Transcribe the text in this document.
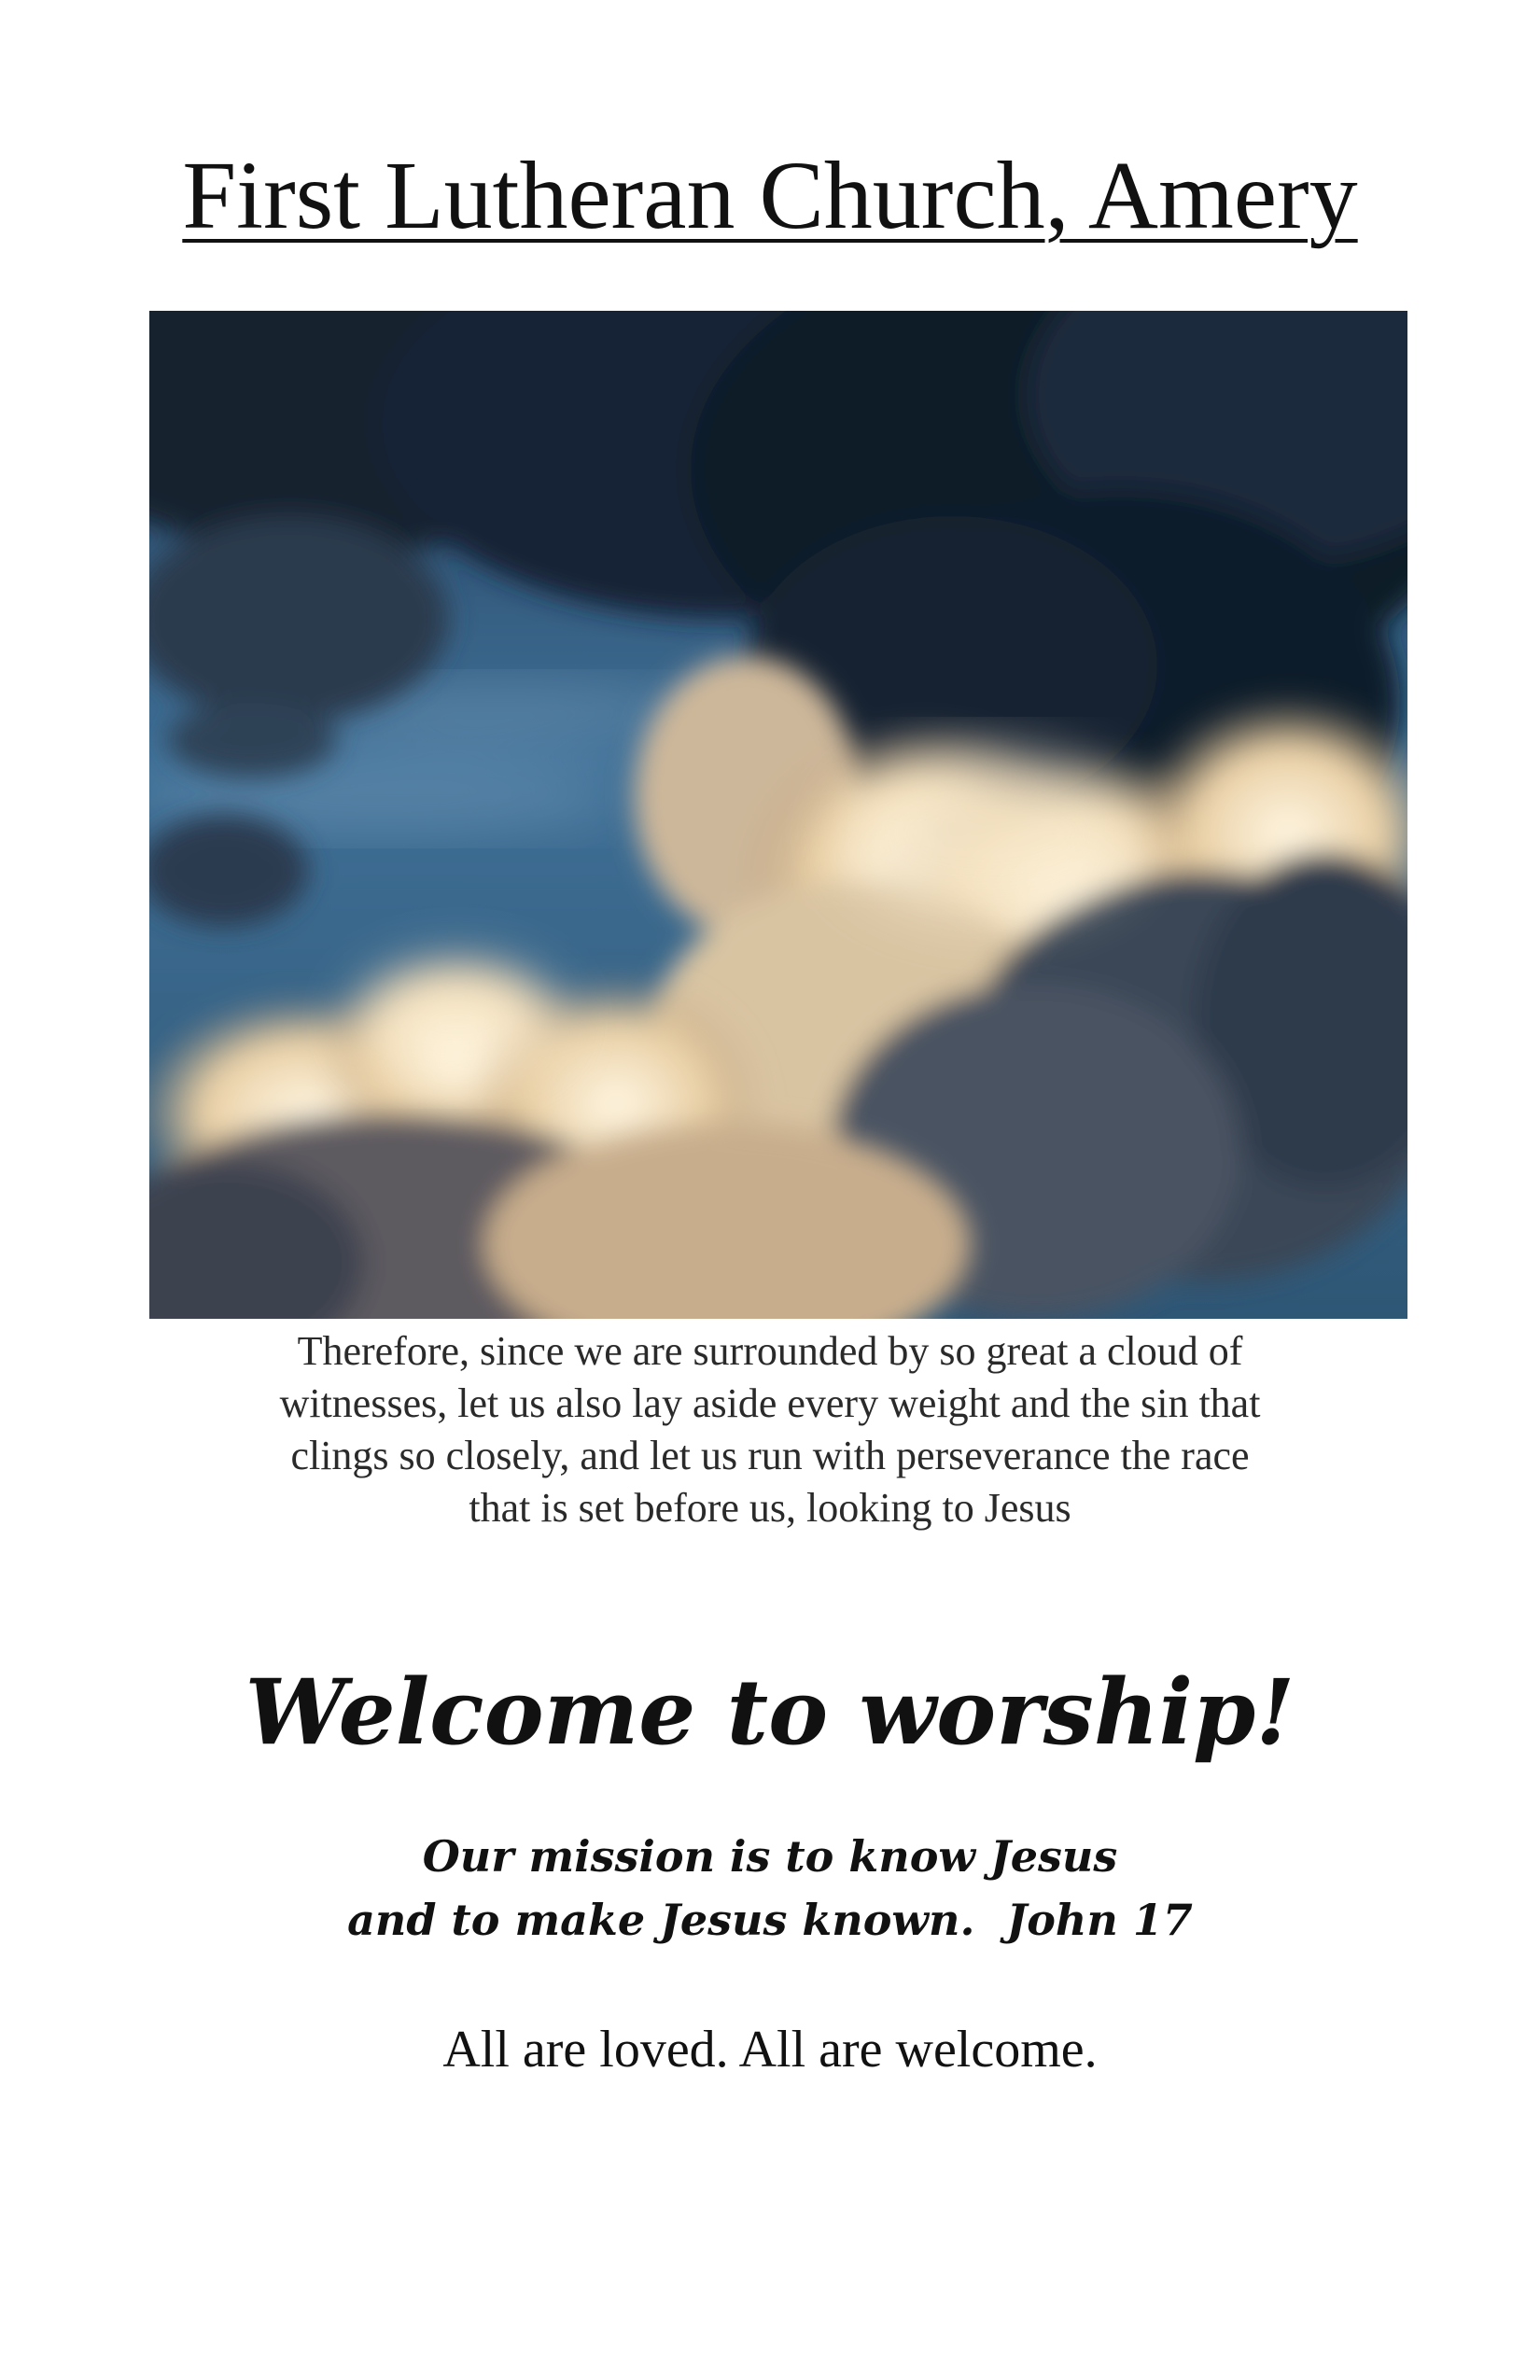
First Lutheran Church, Amery
Therefore, since we are surrounded by so great a cloud of
witnesses, let us also lay aside every weight and the sin that
clings so closely, and let us run with perseverance the race
that is set before us, looking to Jesus
Welcome to worship!
Our mission is to know Jesus
and to make Jesus known. John 17
All are loved. All are welcome.
